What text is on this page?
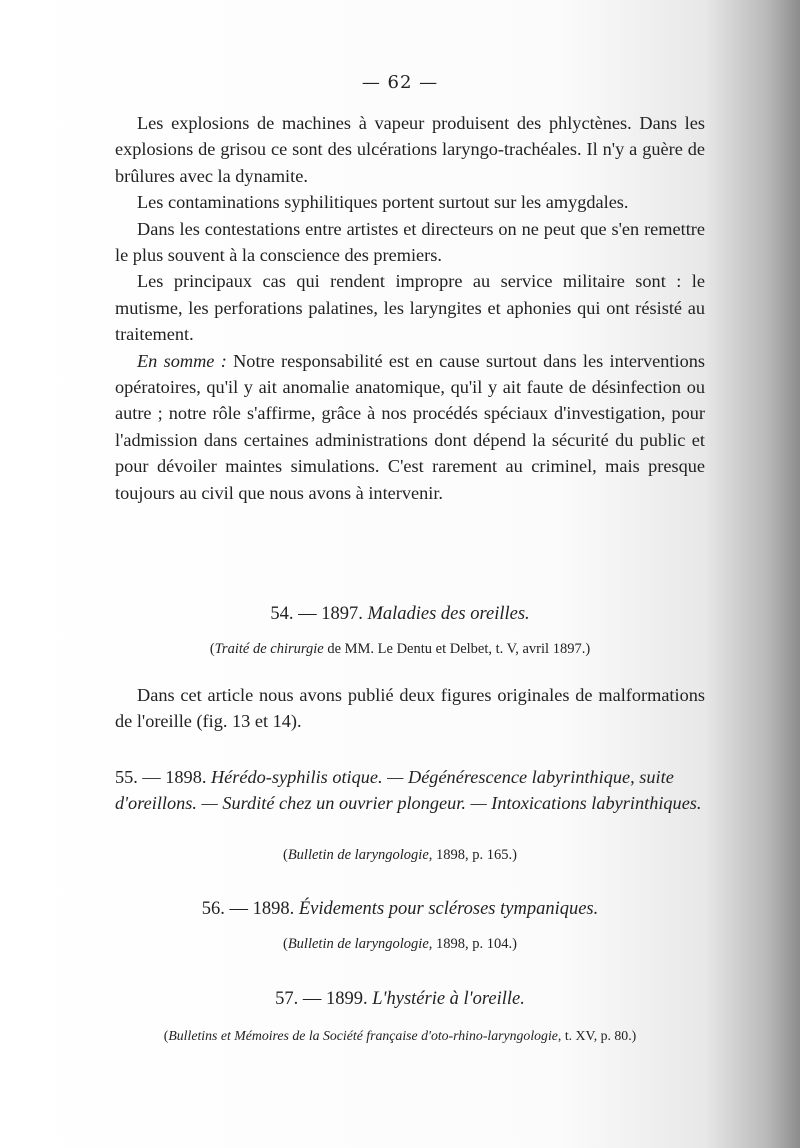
— 62 —

Les explosions de machines à vapeur produisent des phlyctènes. Dans les explosions de grisou ce sont des ulcérations laryngo-trachéales. Il n'y a guère de brûlures avec la dynamite.

Les contaminations syphilitiques portent surtout sur les amygdales.

Dans les contestations entre artistes et directeurs on ne peut que s'en remettre le plus souvent à la conscience des premiers.

Les principaux cas qui rendent impropre au service militaire sont : le mutisme, les perforations palatines, les laryngites et aphonies qui ont résisté au traitement.

En somme : Notre responsabilité est en cause surtout dans les interventions opératoires, qu'il y ait anomalie anatomique, qu'il y ait faute de désinfection ou autre ; notre rôle s'affirme, grâce à nos procédés spéciaux d'investigation, pour l'admission dans certaines administrations dont dépend la sécurité du public et pour dévoiler maintes simulations. C'est rarement au criminel, mais presque toujours au civil que nous avons à intervenir.

54. — 1897. Maladies des oreilles.
(Traité de chirurgie de MM. Le Dentu et Delbet, t. V, avril 1897.)

Dans cet article nous avons publié deux figures originales de malformations de l'oreille (fig. 13 et 14).

55. — 1898. Hérédo-syphilis otique. — Dégénérescence labyrinthique, suite d'oreillons. — Surdité chez un ouvrier plongeur. — Intoxications labyrinthiques.
(Bulletin de laryngologie, 1898, p. 165.)
56. — 1898. Évidements pour scléroses tympaniques.
(Bulletin de laryngologie, 1898, p. 104.)
57. — 1899. L'hystérie à l'oreille.
(Bulletins et Mémoires de la Société française d'oto-rhino-laryngologie, t. XV, p. 80.)
